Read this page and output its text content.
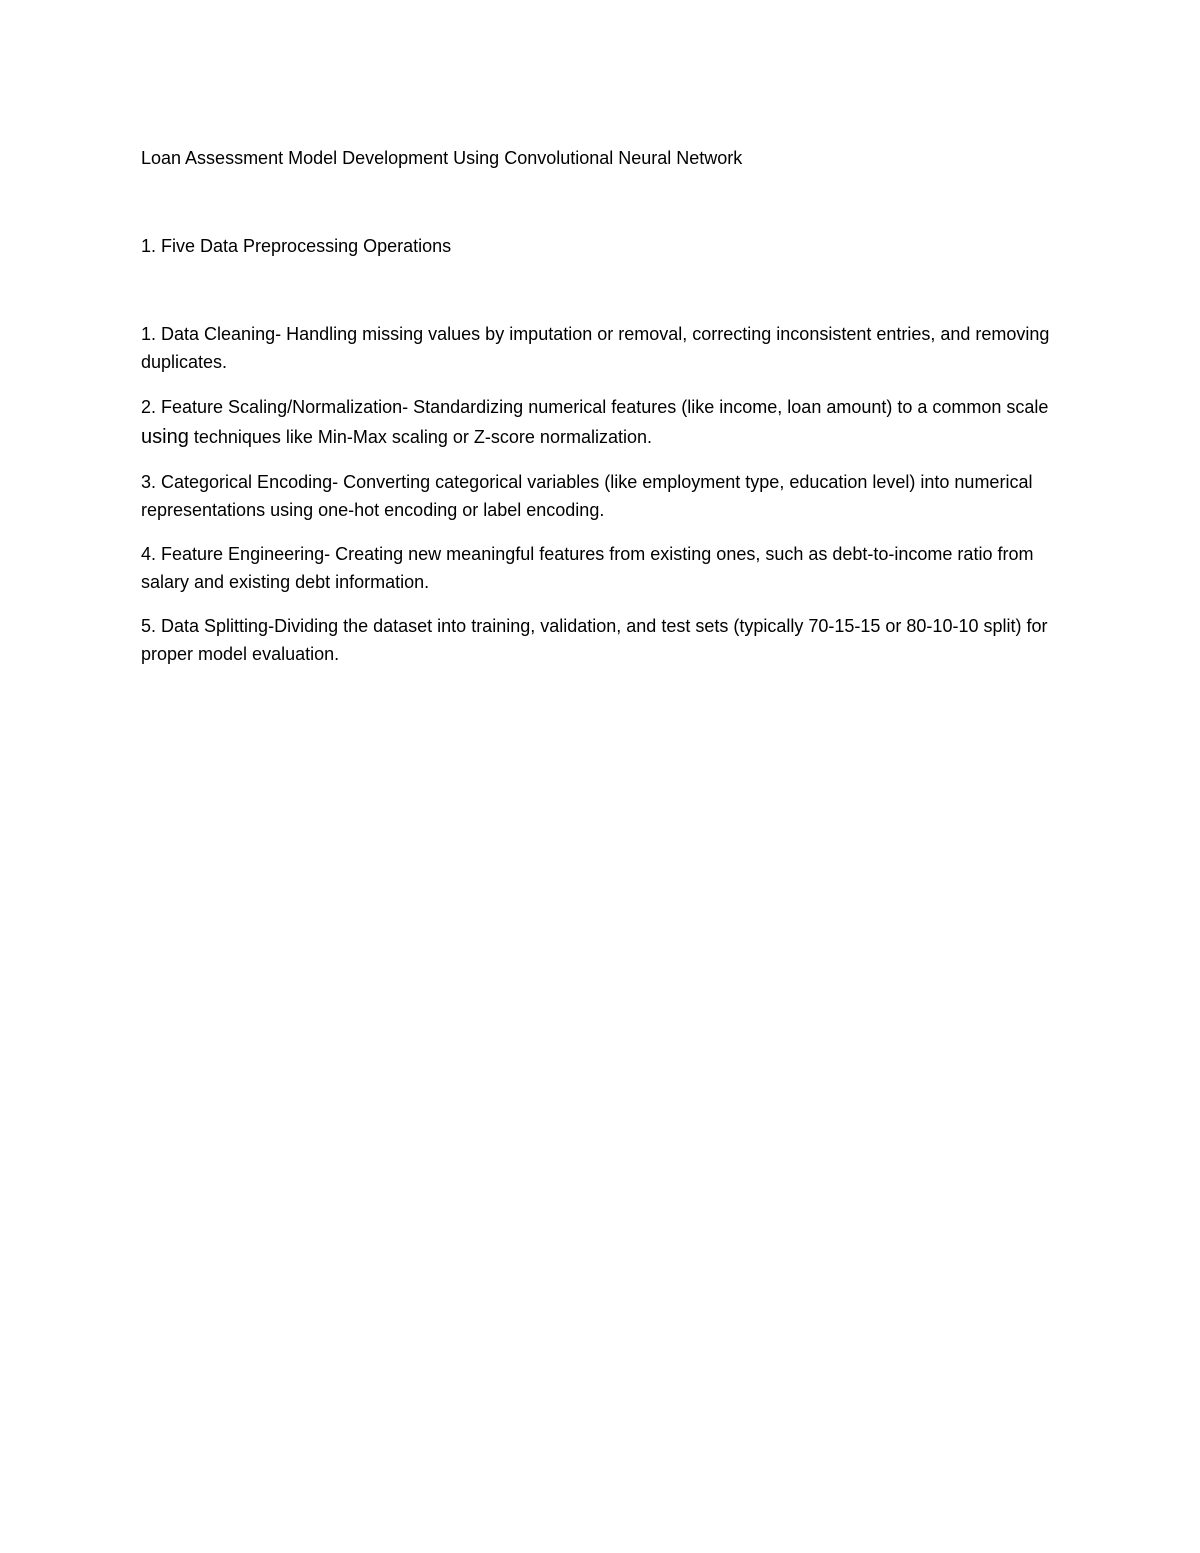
Loan Assessment Model Development Using Convolutional Neural Network

1. Five Data Preprocessing Operations

1. Data Cleaning- Handling missing values by imputation or removal, correcting inconsistent entries, and removing duplicates.
2. Feature Scaling/Normalization- Standardizing numerical features (like income, loan amount) to a common scale using techniques like Min-Max scaling or Z-score normalization.
3. Categorical Encoding- Converting categorical variables (like employment type, education level) into numerical representations using one-hot encoding or label encoding.
4. Feature Engineering- Creating new meaningful features from existing ones, such as debt-to-income ratio from salary and existing debt information.
5. Data Splitting-Dividing the dataset into training, validation, and test sets (typically 70-15-15 or 80-10-10 split) for proper model evaluation.
